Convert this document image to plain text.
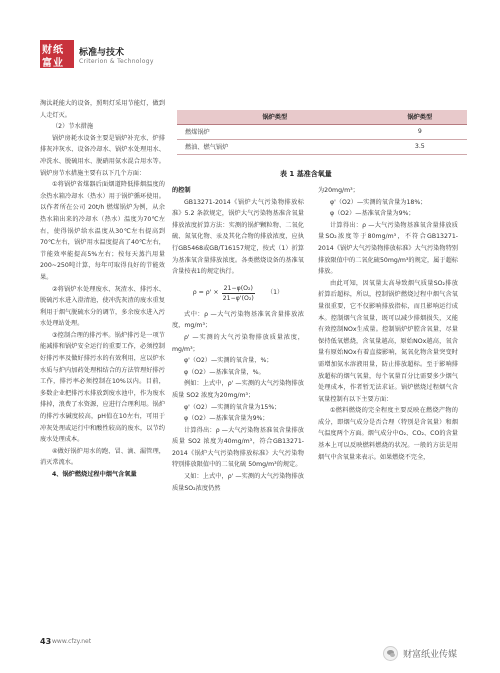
财纸
富业
标准与技术
Criterion & Technology

淘汰耗能大的设备，照明灯采用节能灯，做到人走灯灭。

（2）节水措施

锅炉房耗水设备主要是锅炉补充水、炉排排灰冲灰水、设备冷却水、锅炉水处理用水、冲洗水、脱硫用水、脱硝用氨水混合用水等。锅炉房节水措施主要有以下几个方面：

①将锅炉省煤器后面烟道降低排烟温度的余热水箱冷却水（热水）用于锅炉循环使用。以作者所在公司 20t/h 燃煤锅炉为例，从余热水箱出来的冷却水（热水）温度为70℃左右，使得锅炉给水温度从30℃左右提高到70℃左右，锅炉用水温度提高了40℃左右，节能效率能提高5%左右；按每天蒸汽用量200~250吨计算，每年可取得良好的节能效果。

②将锅炉水处理废水、灰渣水、排污水、脱硫污水进入澄清池，使冲洗灰渣的废水重复利用于烟气脱硫水分的调节，多余废水进入污水处理站处理。

③控制合理的排污率。锅炉排污是一项节能减排和锅炉安全运行的重要工作，必须控制好排污率及做好排污水的有效利用，应以炉水水质与炉内加药处理相结合的方法管理好排污工作，排污率必须控制在10%以内。目前，多数企业把排污水排放到废水池中，作为废水排掉，浪费了水资源，应进行合理利用。锅炉的排污水碱度较高，pH值在10左右，可用于冲灰处理或运行中和酸性较高的废水，以节约废水处理成本。

④做好锅炉用水的跑、冒、滴、漏管理，消灭常流水。

4、锅炉燃烧过程中烟气含氧量

锅炉类型	锅炉类型
燃煤锅炉	9
燃油、燃气锅炉	3.5
表 1 基准含氧量

的控制

GB13271-2014《锅炉大气污染物排放标准》5.2 条款规定，锅炉大气污染物基准含氧量排放浓度折算方法：实测的锅炉颗粒物、二氧化硫、氮氧化物、汞及其化合物的排放浓度，应执行GB5468或GB/T16157规定，按式（1）折算为基准氧含量排放浓度。各类燃烧设备的基准氧含量按表1的规定执行。

$\rho = \rho' \times \frac{\text{21−φ(O₂)}}{\text{21−φ'(O₂)}} (1)$

式中：ρ —大气污染物基准氧含量排放浓度，mg/m³；

ρ' —实测的大气污染物排放质量浓度，mg/m³；

φ'（O2）—实测的氧含量，%；

φ（O2）—基准氧含量，%。

例如：上式中，ρ' —实测的大气污染物排放质量 SO2 浓度为20mg/m³；

φ'（O2）—实测的氧含量为15%；

φ（O2）—基准氧含量为9%；

计算得出：ρ —大气污染物基准氧含量排放质量 SO2 浓度为40mg/m³，符合GB13271-2014《锅炉大气污染物排放标准》大气污染物特别排放限值中的二氧化硫 50mg/m³的规定。

又如：上式中，ρ' —实测的大气污染物排放质量SO₂浓度仍然

为20mg/m³；

φ'（O2）—实测的氧含量为18%；

φ（O2）—基准氧含量为9%；

计算得出：ρ —大气污染物基准氧含量排放质量SO₂浓度等于80mg/m³，不符合GB13271-2014《锅炉大气污染物排放标准》大气污染物特别排放限值中的二氧化硫50mg/m³的规定，属于超标排放。

由此可知，因氧量太高导致烟气质量SO₂排放折算后超标，所以，控制锅炉燃烧过程中烟气含氧量很重要，它不仅影响排放指标，而且影响运行成本。控制烟气含氧量，既可以减少排烟损失，又能有效控制NOx生成量。控制锅炉炉膛含氧量，尽量保持低氧燃烧，含氧量越高，原始NOx越高，氧含量有原始NOx有着直接影响，氮氧化物含量突变时需增加氨水溶液用量，防止排放超标。至于影响排放超标的烟气氧量，每个氧量百分比需要多少烟气处理成本，作者暂无法求证。锅炉燃烧过程烟气含氧量控制有以下主要方面：

①燃料燃烧的完全程度主要反映在燃烧产物的成分，即烟气成分是否合理（特别是含氧量）和烟气温度两个方面。烟气成分中O₂、CO₂、CO的含量基本上可以反映燃料燃烧的状况。一般的方法是用烟气中含氧量来表示。如果燃烧不完全，

43 www.cfzy.net
财富纸业传媒
